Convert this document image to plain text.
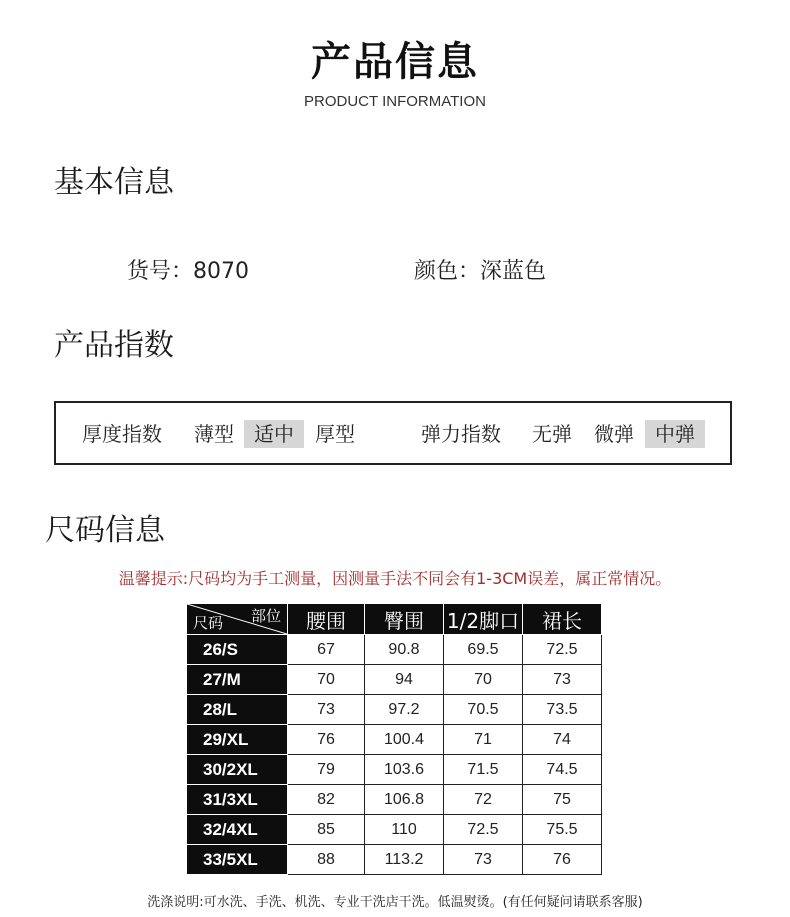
产品信息
PRODUCT INFORMATION
基本信息
货号：8070	颜色：深蓝色
产品指数
厚度指数	薄型	适中	厚型	弹力指数	无弹	微弹	中弹
尺码信息
温馨提示:尺码均为手工测量，因测量手法不同会有1-3CM误差，属正常情况。
部位
尺码	腰围	臀围	1/2脚口	裙长
26/S	67	90.8	69.5	72.5
27/M	70	94	70	73
28/L	73	97.2	70.5	73.5
29/XL	76	100.4	71	74
30/2XL	79	103.6	71.5	74.5
31/3XL	82	106.8	72	75
32/4XL	85	110	72.5	75.5
33/5XL	88	113.2	73	76
洗涤说明:可水洗、手洗、机洗、专业干洗店干洗。低温熨烫。(有任何疑问请联系客服)
